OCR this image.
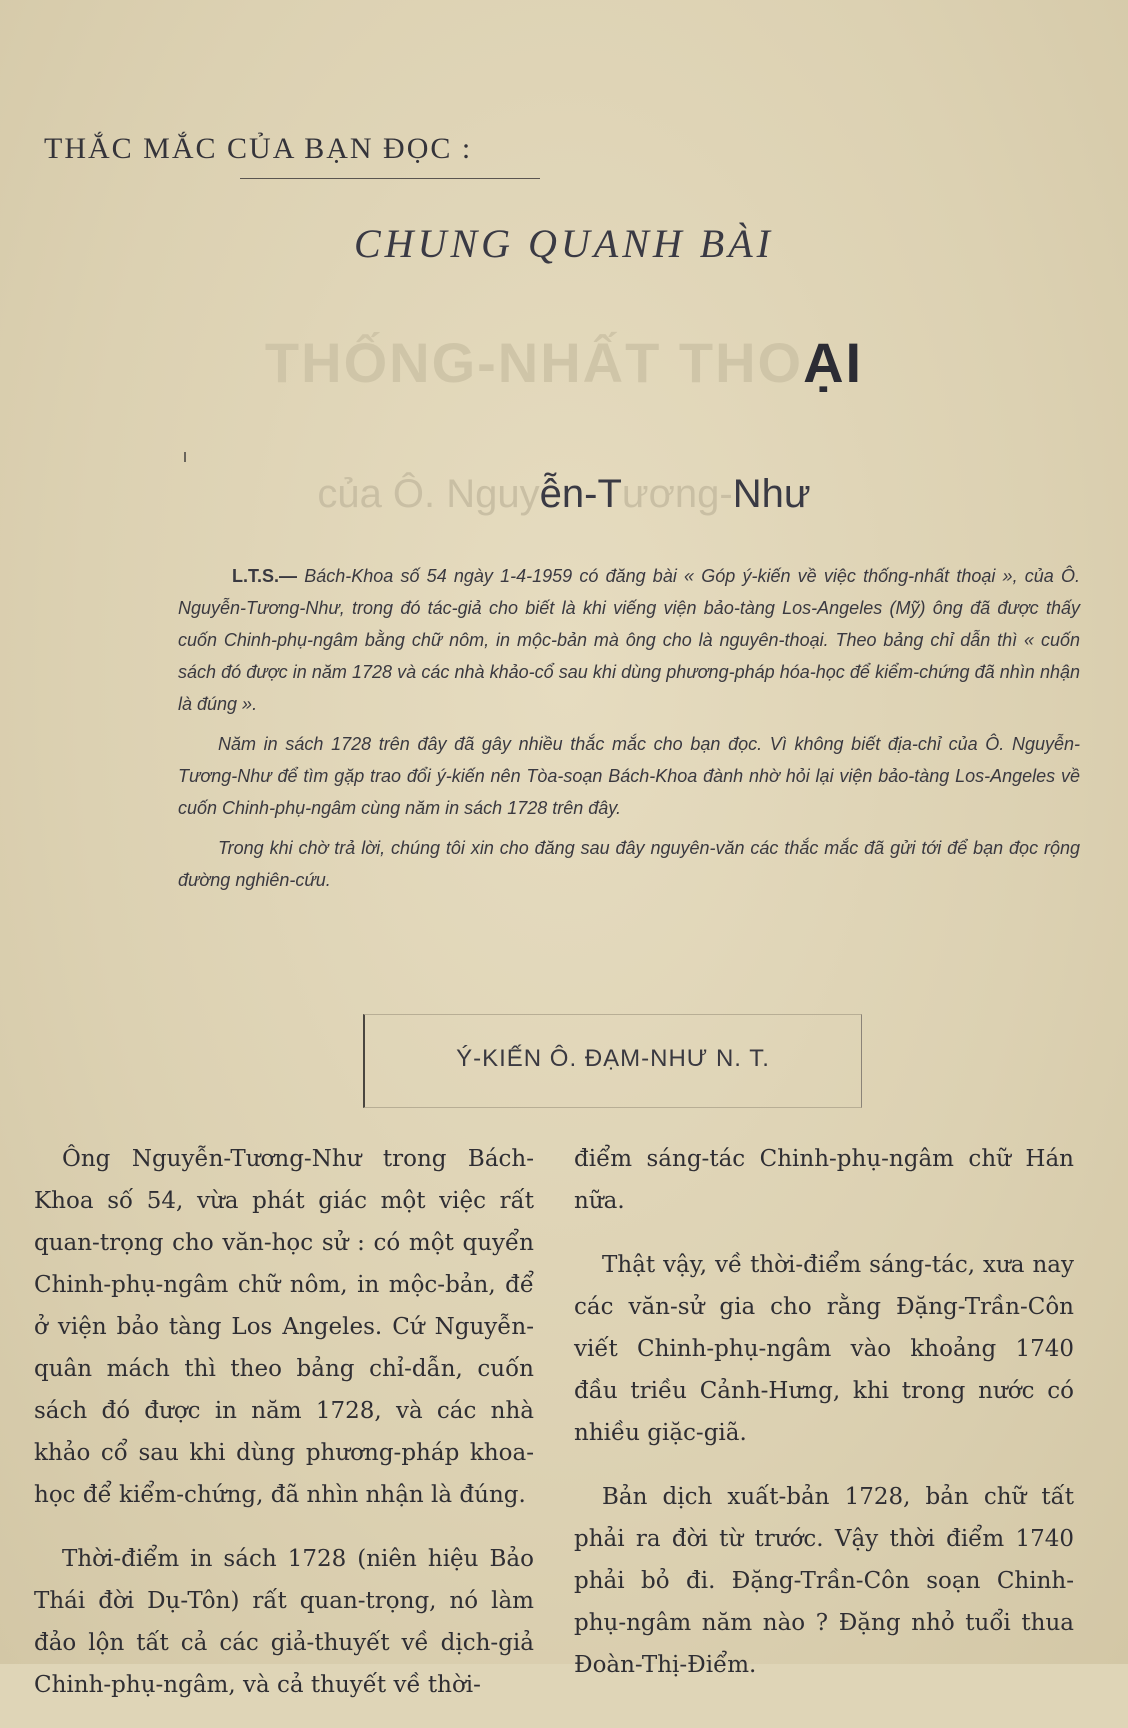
THẮC MẮC CỦA BẠN ĐỌC :
CHUNG QUANH BÀI
THỐNG-NHẤT THOẠI
của Ô. Nguyễn-Tương-Như

L.T.S.— Bách-Khoa số 54 ngày 1-4-1959 có đăng bài « Góp ý-kiến về việc thống-nhất thoại », của Ô. Nguyễn-Tương-Như, trong đó tác-giả cho biết là khi viếng viện bảo-tàng Los-Angeles (Mỹ) ông đã được thấy cuốn Chinh-phụ-ngâm bằng chữ nôm, in mộc-bản mà ông cho là nguyên-thoại. Theo bảng chỉ dẫn thì « cuốn sách đó được in năm 1728 và các nhà khảo-cổ sau khi dùng phương-pháp hóa-học để kiểm-chứng đã nhìn nhận là đúng ».

Năm in sách 1728 trên đây đã gây nhiều thắc mắc cho bạn đọc. Vì không biết địa-chỉ của Ô. Nguyễn-Tương-Như để tìm gặp trao đổi ý-kiến nên Tòa-soạn Bách-Khoa đành nhờ hỏi lại viện bảo-tàng Los-Angeles về cuốn Chinh-phụ-ngâm cùng năm in sách 1728 trên đây.

Trong khi chờ trả lời, chúng tôi xin cho đăng sau đây nguyên-văn các thắc mắc đã gửi tới để bạn đọc rộng đường nghiên-cứu.

Ý-KIẾN Ô. ĐẠM-NHƯ N. T.

Ông Nguyễn-Tương-Như trong Bách-Khoa số 54, vừa phát giác một việc rất quan-trọng cho văn-học sử : có một quyển Chinh-phụ-ngâm chữ nôm, in mộc-bản, để ở viện bảo tàng Los Angeles. Cứ Nguyễn-quân mách thì theo bảng chỉ-dẫn, cuốn sách đó được in năm 1728, và các nhà khảo cổ sau khi dùng phương-pháp khoa-học để kiểm-chứng, đã nhìn nhận là đúng.

Thời-điểm in sách 1728 (niên hiệu Bảo Thái đời Dụ-Tôn) rất quan-trọng, nó làm đảo lộn tất cả các giả-thuyết về dịch-giả Chinh-phụ-ngâm, và cả thuyết về thời-

điểm sáng-tác Chinh-phụ-ngâm chữ Hán nữa.

Thật vậy, về thời-điểm sáng-tác, xưa nay các văn-sử gia cho rằng Đặng-Trần-Côn viết Chinh-phụ-ngâm vào khoảng 1740 đầu triều Cảnh-Hưng, khi trong nước có nhiều giặc-giã.

Bản dịch xuất-bản 1728, bản chữ tất phải ra đời từ trước. Vậy thời điểm 1740 phải bỏ đi. Đặng-Trần-Côn soạn Chinh-phụ-ngâm năm nào ? Đặng nhỏ tuổi thua Đoàn-Thị-Điểm.
